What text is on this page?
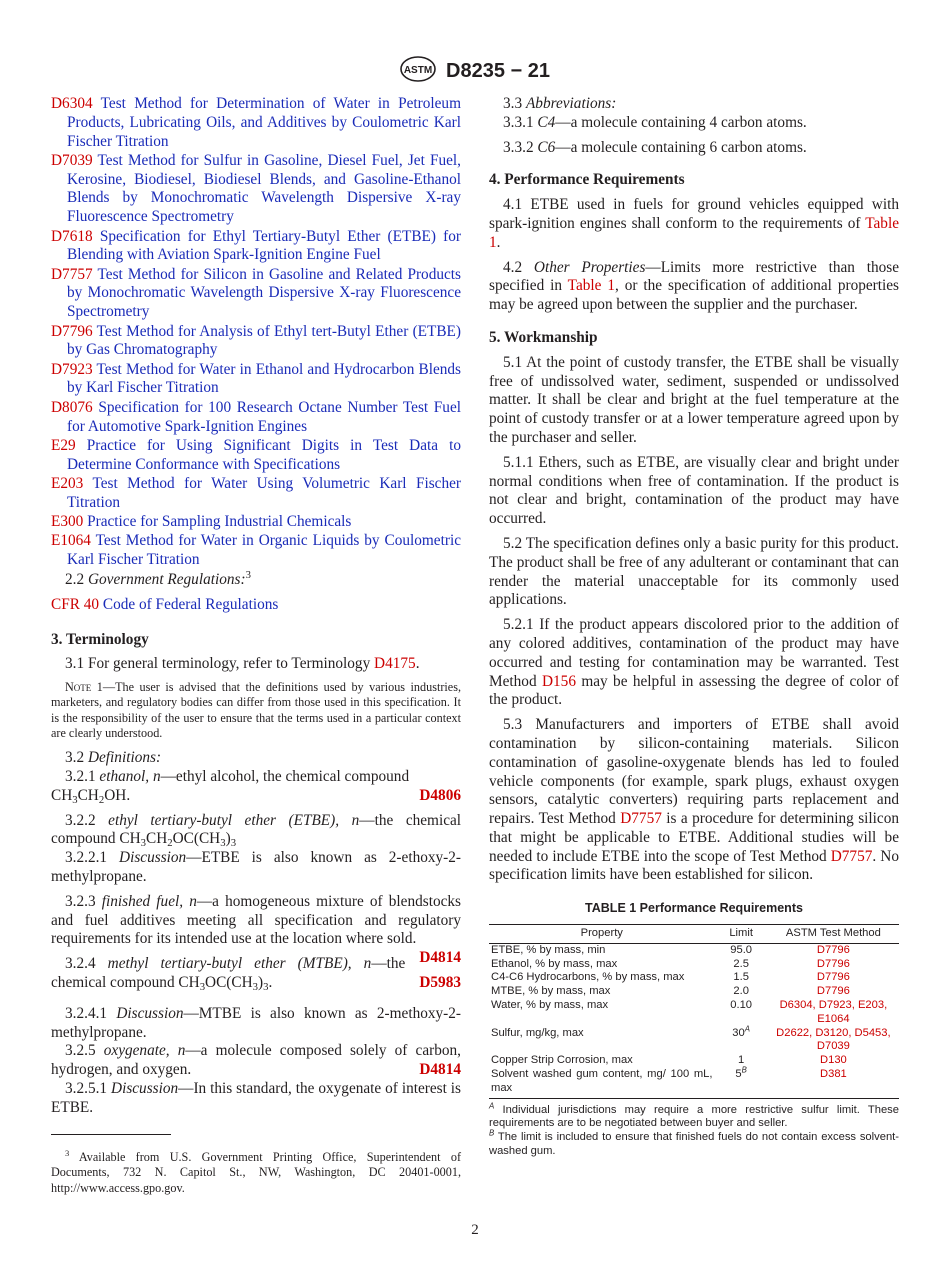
ASTM D8235 − 21
D6304 Test Method for Determination of Water in Petroleum Products, Lubricating Oils, and Additives by Coulometric Karl Fischer Titration
D7039 Test Method for Sulfur in Gasoline, Diesel Fuel, Jet Fuel, Kerosine, Biodiesel, Biodiesel Blends, and Gasoline-Ethanol Blends by Monochromatic Wavelength Dispersive X-ray Fluorescence Spectrometry
D7618 Specification for Ethyl Tertiary-Butyl Ether (ETBE) for Blending with Aviation Spark-Ignition Engine Fuel
D7757 Test Method for Silicon in Gasoline and Related Products by Monochromatic Wavelength Dispersive X-ray Fluorescence Spectrometry
D7796 Test Method for Analysis of Ethyl tert-Butyl Ether (ETBE) by Gas Chromatography
D7923 Test Method for Water in Ethanol and Hydrocarbon Blends by Karl Fischer Titration
D8076 Specification for 100 Research Octane Number Test Fuel for Automotive Spark-Ignition Engines
E29 Practice for Using Significant Digits in Test Data to Determine Conformance with Specifications
E203 Test Method for Water Using Volumetric Karl Fischer Titration
E300 Practice for Sampling Industrial Chemicals
E1064 Test Method for Water in Organic Liquids by Coulometric Karl Fischer Titration
2.2 Government Regulations:$^3$
CFR 40 Code of Federal Regulations
3. Terminology
3.1 For general terminology, refer to Terminology D4175.
Note 1—The user is advised that the definitions used by various industries, marketers, and regulatory bodies can differ from those used in this specification. It is the responsibility of the user to ensure that the terms used in a particular context are clearly understood.
3.2 Definitions:
3.2.1 ethanol, n—ethyl alcohol, the chemical compound
$CH_3CH_2OH$.	D4806
3.2.2 ethyl tertiary-butyl ether (ETBE), n—the chemical compound $CH_3CH_2OC(CH_3)_3$
3.2.2.1 Discussion—ETBE is also known as 2-ethoxy-2-methylpropane.
3.2.3 finished fuel, n—a homogeneous mixture of blendstocks and fuel additives meeting all specification and regulatory requirements for its intended use at the location where sold.
D4814
3.2.4 methyl tertiary-butyl ether (MTBE), n—the chemical compound $CH_3OC(CH_3)_3$.	D5983
3.2.4.1 Discussion—MTBE is also known as 2-methoxy-2-methylpropane.
3.2.5 oxygenate, n—a molecule composed solely of carbon, hydrogen, and oxygen.	D4814
3.2.5.1 Discussion—In this standard, the oxygenate of interest is ETBE.
$^3$ Available from U.S. Government Printing Office, Superintendent of Documents, 732 N. Capitol St., NW, Washington, DC 20401-0001, http://www.access.gpo.gov.
3.3 Abbreviations:
3.3.1 C4—a molecule containing 4 carbon atoms.
3.3.2 C6—a molecule containing 6 carbon atoms.
4. Performance Requirements
4.1 ETBE used in fuels for ground vehicles equipped with spark-ignition engines shall conform to the requirements of Table 1.
4.2 Other Properties—Limits more restrictive than those specified in Table 1, or the specification of additional properties may be agreed upon between the supplier and the purchaser.
5. Workmanship
5.1 At the point of custody transfer, the ETBE shall be visually free of undissolved water, sediment, suspended or undissolved matter. It shall be clear and bright at the fuel temperature at the point of custody transfer or at a lower temperature agreed upon by the purchaser and seller.
5.1.1 Ethers, such as ETBE, are visually clear and bright under normal conditions when free of contamination. If the product is not clear and bright, contamination of the product may have occurred.
5.2 The specification defines only a basic purity for this product. The product shall be free of any adulterant or contaminant that can render the material unacceptable for its commonly used applications.
5.2.1 If the product appears discolored prior to the addition of any colored additives, contamination of the product may have occurred and testing for contamination may be warranted. Test Method D156 may be helpful in assessing the degree of color of the product.
5.3 Manufacturers and importers of ETBE shall avoid contamination by silicon-containing materials. Silicon contamination of gasoline-oxygenate blends has led to fouled vehicle components (for example, spark plugs, exhaust oxygen sensors, catalytic converters) requiring parts replacement and repairs. Test Method D7757 is a procedure for determining silicon that might be applicable to ETBE. Additional studies will be needed to include ETBE into the scope of Test Method D7757. No specification limits have been established for silicon.
TABLE 1 Performance Requirements
Property	Limit	ASTM Test Method
ETBE, % by mass, min	95.0	D7796
Ethanol, % by mass, max	2.5	D7796
C4-C6 Hydrocarbons, % by mass, max	1.5	D7796
MTBE, % by mass, max	2.0	D7796
Water, % by mass, max	0.10	D6304, D7923, E203, E1064
Sulfur, mg/kg, max	$30^A$	D2622, D3120, D5453, D7039
Copper Strip Corrosion, max	1	D130
Solvent washed gum content, mg/ 100 mL, max	$5^B$	D381
$^A$ Individual jurisdictions may require a more restrictive sulfur limit. These requirements are to be negotiated between buyer and seller.
$^B$ The limit is included to ensure that finished fuels do not contain excess solvent-washed gum.
2
